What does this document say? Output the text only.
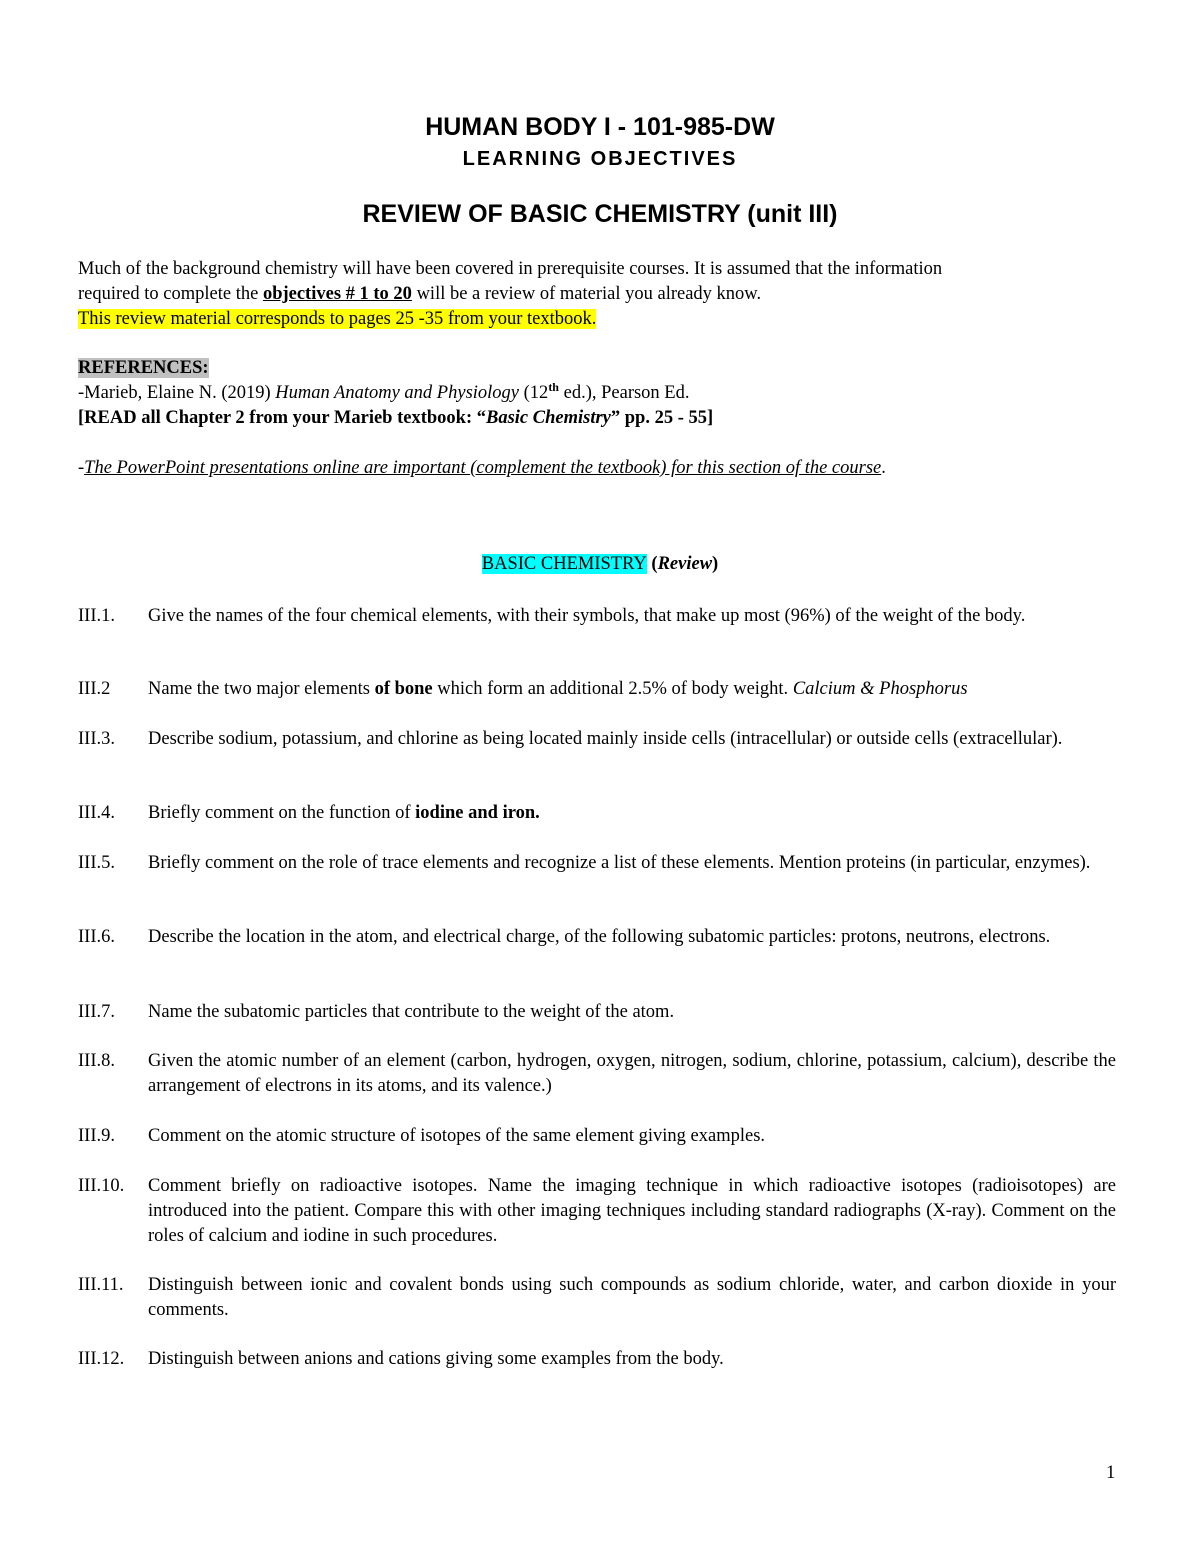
HUMAN BODY I - 101-985-DW
LEARNING OBJECTIVES
REVIEW OF BASIC CHEMISTRY (unit III)
Much of the background chemistry will have been covered in prerequisite courses. It is assumed that the information
required to complete the objectives # 1 to 20 will be a review of material you already know.
This review material corresponds to pages 25 -35 from your textbook.
REFERENCES:
-Marieb, Elaine N. (2019) Human Anatomy and Physiology (12th ed.), Pearson Ed.
[READ all Chapter 2 from your Marieb textbook: “Basic Chemistry” pp. 25 - 55]
-The PowerPoint presentations online are important (complement the textbook) for this section of the course.
BASIC CHEMISTRY (Review)
III.1.	Give the names of the four chemical elements, with their symbols, that make up most (96%) of the weight of the body.
III.2	Name the two major elements of bone which form an additional 2.5% of body weight. Calcium & Phosphorus
III.3.	Describe sodium, potassium, and chlorine as being located mainly inside cells (intracellular) or outside cells (extracellular).
III.4.	Briefly comment on the function of iodine and iron.
III.5.	Briefly comment on the role of trace elements and recognize a list of these elements. Mention proteins (in particular, enzymes).
III.6.	Describe the location in the atom, and electrical charge, of the following subatomic particles: protons, neutrons, electrons.
III.7.	Name the subatomic particles that contribute to the weight of the atom.
III.8.	Given the atomic number of an element (carbon, hydrogen, oxygen, nitrogen, sodium, chlorine, potassium, calcium), describe the arrangement of electrons in its atoms, and its valence.)
III.9.	Comment on the atomic structure of isotopes of the same element giving examples.
III.10.	Comment briefly on radioactive isotopes. Name the imaging technique in which radioactive isotopes (radioisotopes) are introduced into the patient. Compare this with other imaging techniques including standard radiographs (X-ray). Comment on the roles of calcium and iodine in such procedures.
III.11.	Distinguish between ionic and covalent bonds using such compounds as sodium chloride, water, and carbon dioxide in your comments.
III.12.	Distinguish between anions and cations giving some examples from the body.
1
